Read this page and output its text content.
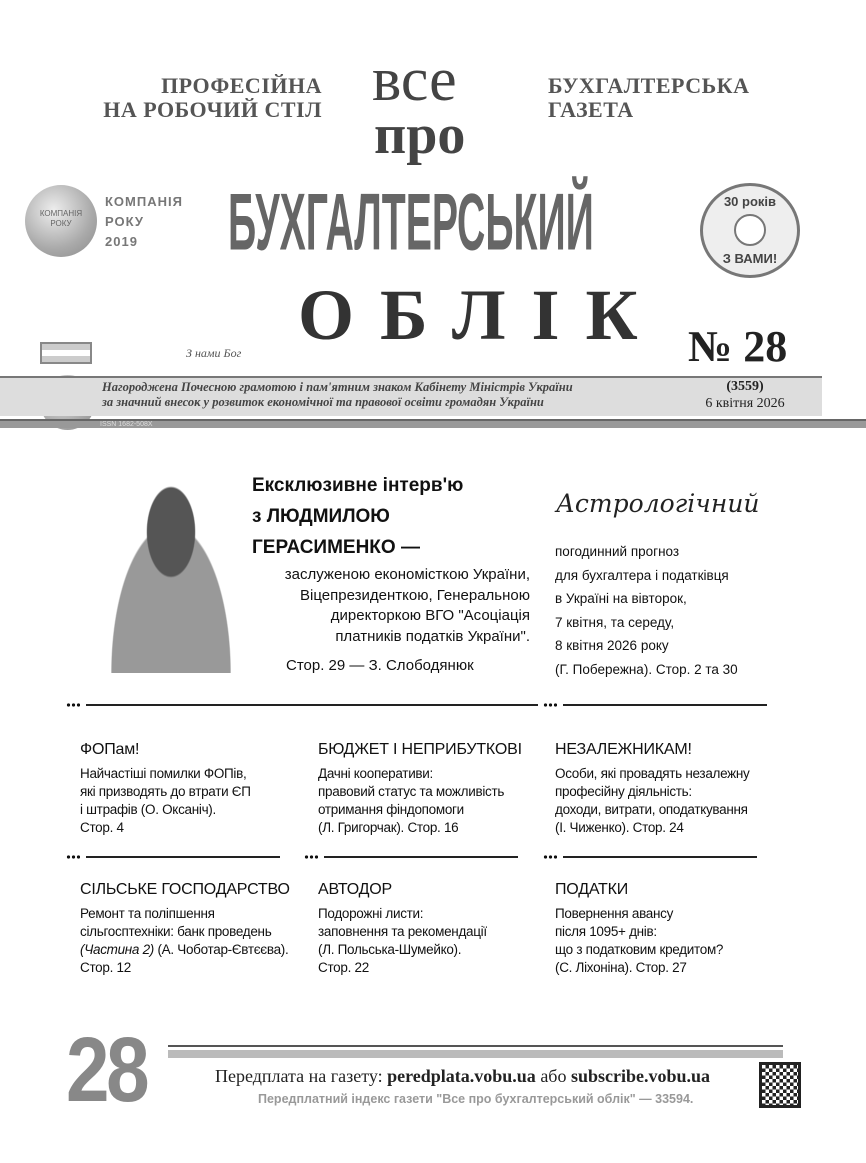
ПРОФЕСІЙНА
НА РОБОЧИЙ СТІЛ
БУХГАЛТЕРСЬКА
ГАЗЕТА
все
про
КОМПАНІЯ
РОКУ
КОМПАНІЯ
РОКУ
2019	БУХГАЛТЕРСЬКИЙ
ОБЛІК
30 років
З ВАМИ!
З нами Бог	№ 28
Нагороджена Почесною грамотою і пам'ятним знаком Кабінету Міністрів України
за значний внесок у розвиток економічної та правової освіти громадян України
(3559)
6 квітня 2026
ISSN 1682-508X
Ексклюзивне інтерв'ю
з ЛЮДМИЛОЮ
ГЕРАСИМЕНКО —
заслуженою економісткою України,
Віцепрезиденткою, Генеральною
директоркою ВГО "Асоціація
платників податків України".
Стор. 29 — З. Слободянюк
Астрологічний
погодинний прогноз
для бухгалтера і податківця
в Україні на вівторок,
7 квітня, та середу,
8 квітня 2026 року
(Г. Побережна). Стор. 2 та 30
ФОПам!
Найчастіші помилки ФОПів,
які призводять до втрати ЄП
і штрафів (О. Оксаніч).
Стор. 4
БЮДЖЕТ І НЕПРИБУТКОВІ
Дачні кооперативи:
правовий статус та можливість
отримання фіндопомоги
(Л. Григорчак). Стор. 16
НЕЗАЛЕЖНИКАМ!
Особи, які провадять незалежну
професійну діяльність:
доходи, витрати, оподаткування
(І. Чиженко). Стор. 24
СІЛЬСЬКЕ ГОСПОДАРСТВО
Ремонт та поліпшення
сільгосптехніки: банк проведень
(Частина 2) (А. Чоботар-Євтєєва).
Стор. 12
АВТОДОР
Подорожні листи:
заповнення та рекомендації
(Л. Польська-Шумейко).
Стор. 22
ПОДАТКИ
Повернення авансу
після 1095+ днів:
що з податковим кредитом?
(С. Ліхоніна). Стор. 27
28	Передплата на газету: peredplata.vobu.ua або subscribe.vobu.ua
Передплатний індекс газети "Все про бухгалтерський облік" — 33594.
